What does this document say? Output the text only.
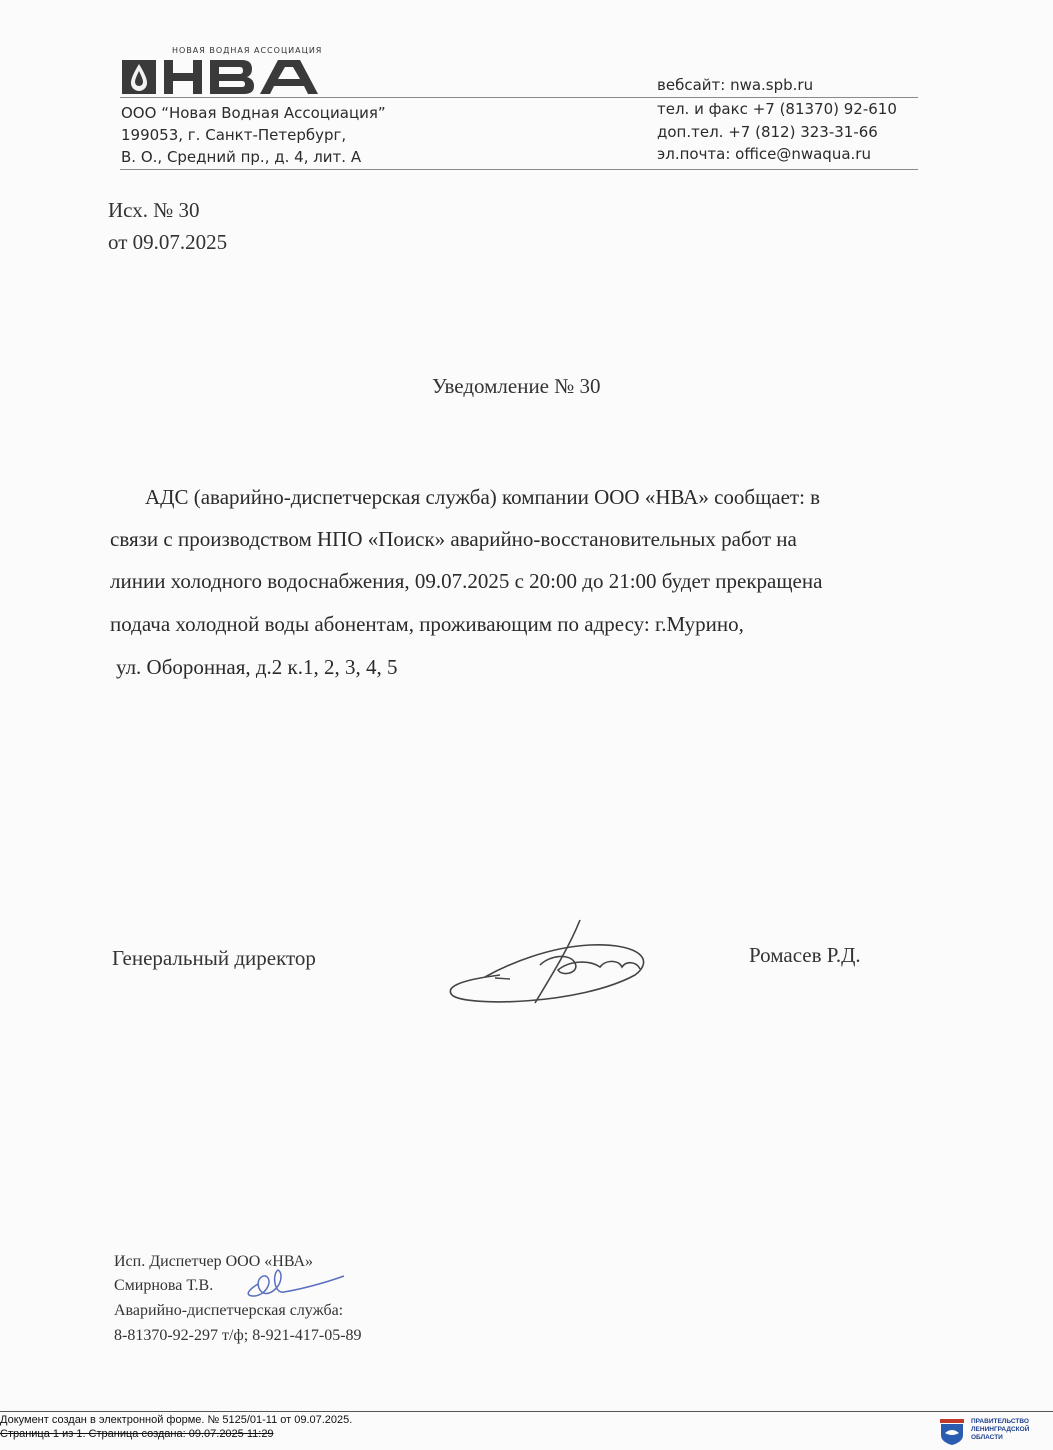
НОВАЯ ВОДНАЯ АССОЦИАЦИЯ
вебсайт: nwa.spb.ru
ООО “Новая Водная Ассоциация”
199053, г. Санкт-Петербург,
В. О., Средний пр., д. 4, лит. А
тел. и факс +7 (81370) 92-610
доп.тел. +7 (812) 323-31-66
эл.почта: office@nwaqua.ru
Исх. № 30
от 09.07.2025
Уведомление № 30
АДС (аварийно-диспетчерская служба) компании ООО «НВА» сообщает: в
связи с производством НПО «Поиск» аварийно-восстановительных работ на
линии холодного водоснабжения, 09.07.2025 с 20:00 до 21:00 будет прекращена
подача холодной воды абонентам, проживающим по адресу: г.Мурино,
ул. Оборонная, д.2 к.1, 2, 3, 4, 5
Генеральный директор	Ромасев Р.Д.
Исп. Диспетчер ООО «НВА»
Смирнова Т.В.
Аварийно-диспетчерская служба:
8-81370-92-297 т/ф; 8-921-417-05-89
Документ создан в электронной форме. № 5125/01-11 от 09.07.2025.
Страница 1 из 1. Страница создана: 09.07.2025 11:29
ПРАВИТЕЛЬСТВО ЛЕНИНГРАДСКОЙ ОБЛАСТИ
